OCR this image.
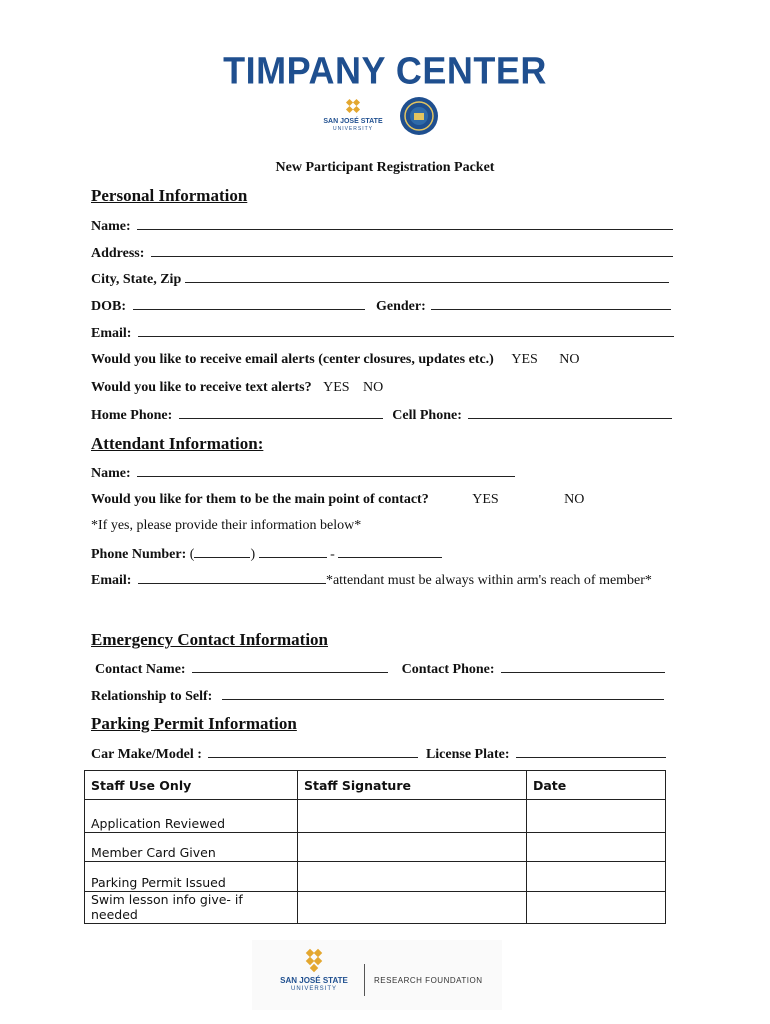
TIMPANY CENTER
SAN JOSÉ STATE
UNIVERSITY
New Participant Registration Packet
Personal Information
Name:
Address:
City, State, Zip
DOB:	Gender:
Email:
Would you like to receive email alerts (center closures, updates etc.) YES NO
Would you like to receive text alerts? YES NO
Home Phone:	Cell Phone:
Attendant Information:
Name:
Would you like for them to be the main point of contact?	YES	NO
*If yes, please provide their information below*
Phone Number: (	)	-
Email:	*attendant must be always within arm's reach of member*
Emergency Contact Information
Contact Name:	Contact Phone:
Relationship to Self:
Parking Permit Information
Car Make/Model :	License Plate:
Staff Use Only	Staff Signature	Date
Application Reviewed		
Member Card Given		
Parking Permit Issued		
Swim lesson info give- if needed		
SAN JOSÉ STATE
UNIVERSITY
RESEARCH FOUNDATION
